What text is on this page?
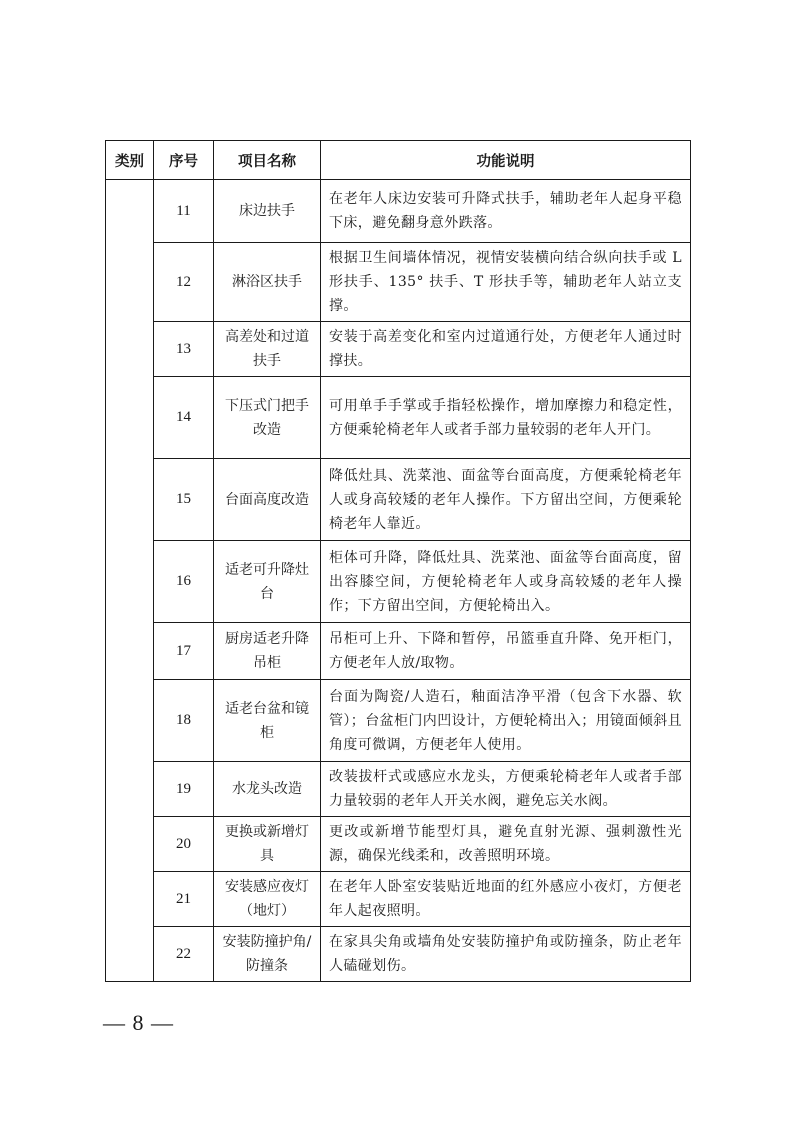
类别	序号	项目名称	功能说明
	11	床边扶手	在老年人床边安装可升降式扶手，辅助老年人起身平稳下床，避免翻身意外跌落。
	12	淋浴区扶手	根据卫生间墙体情况，视情安装横向结合纵向扶手或 L 形扶手、135° 扶手、T 形扶手等，辅助老年人站立支撑。
	13	高差处和过道扶手	安装于高差变化和室内过道通行处，方便老年人通过时撑扶。
	14	下压式门把手改造	可用单手手掌或手指轻松操作，增加摩擦力和稳定性，方便乘轮椅老年人或者手部力量较弱的老年人开门。
	15	台面高度改造	降低灶具、洗菜池、面盆等台面高度，方便乘轮椅老年人或身高较矮的老年人操作。下方留出空间，方便乘轮椅老年人靠近。
	16	适老可升降灶台	柜体可升降，降低灶具、洗菜池、面盆等台面高度，留出容膝空间，方便轮椅老年人或身高较矮的老年人操作；下方留出空间，方便轮椅出入。
	17	厨房适老升降吊柜	吊柜可上升、下降和暂停，吊篮垂直升降、免开柜门，方便老年人放/取物。
	18	适老台盆和镜柜	台面为陶瓷/人造石，釉面洁净平滑（包含下水器、软管）；台盆柜门内凹设计，方便轮椅出入；用镜面倾斜且角度可微调，方便老年人使用。
	19	水龙头改造	改装拔杆式或感应水龙头，方便乘轮椅老年人或者手部力量较弱的老年人开关水阀，避免忘关水阀。
	20	更换或新增灯具	更改或新增节能型灯具，避免直射光源、强刺激性光源，确保光线柔和，改善照明环境。
	21	安装感应夜灯（地灯）	在老年人卧室安装贴近地面的红外感应小夜灯，方便老年人起夜照明。
	22	安装防撞护角/防撞条	在家具尖角或墙角处安装防撞护角或防撞条，防止老年人磕碰划伤。
— 8 —
